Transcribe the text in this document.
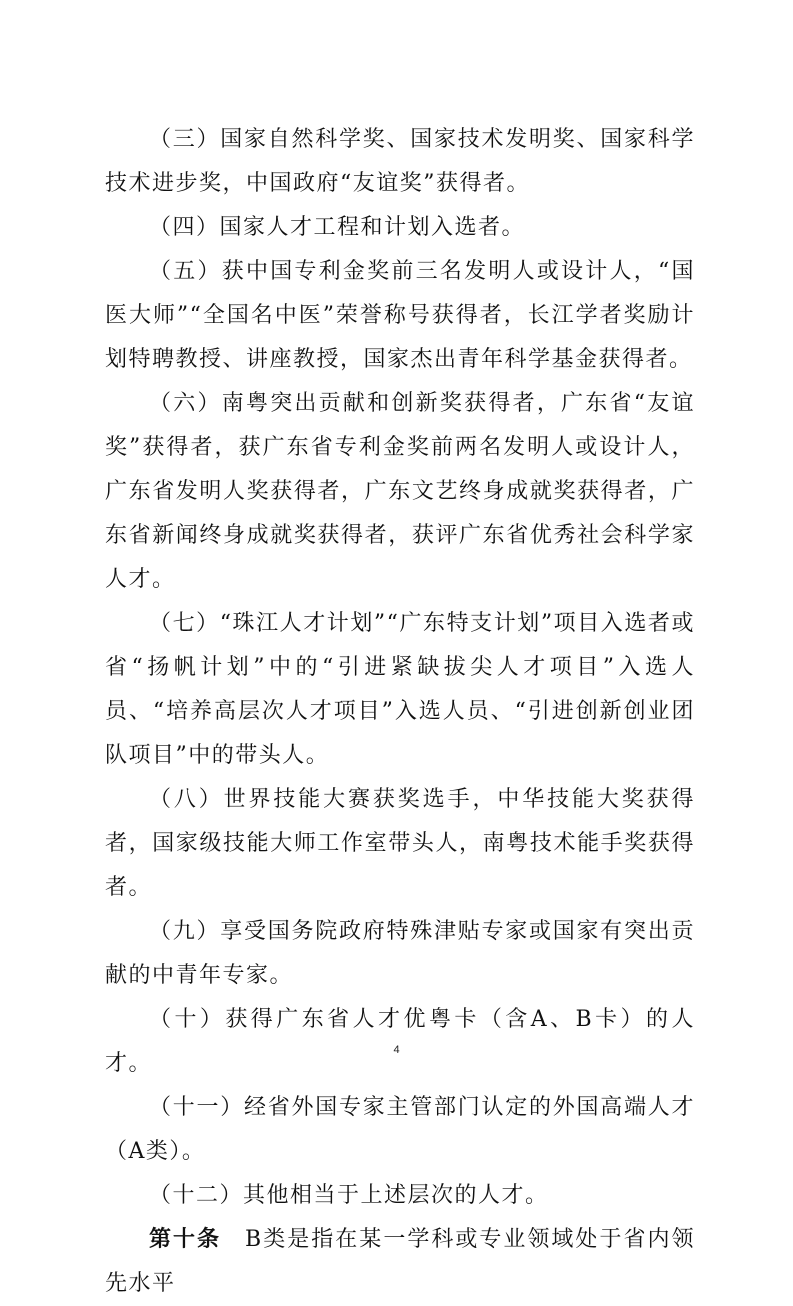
（三）国家自然科学奖、国家技术发明奖、国家科学技术进步奖，中国政府“友谊奖”获得者。

（四）国家人才工程和计划入选者。

（五）获中国专利金奖前三名发明人或设计人，“国医大师”“全国名中医”荣誉称号获得者，长江学者奖励计划特聘教授、讲座教授，国家杰出青年科学基金获得者。

（六）南粤突出贡献和创新奖获得者，广东省“友谊奖”获得者，获广东省专利金奖前两名发明人或设计人，广东省发明人奖获得者，广东文艺终身成就奖获得者，广东省新闻终身成就奖获得者，获评广东省优秀社会科学家人才。

（七）“珠江人才计划”“广东特支计划”项目入选者或省“扬帆计划”中的“引进紧缺拔尖人才项目”入选人员、“培养高层次人才项目”入选人员、“引进创新创业团队项目”中的带头人。

（八）世界技能大赛获奖选手，中华技能大奖获得者，国家级技能大师工作室带头人，南粤技术能手奖获得者。

（九）享受国务院政府特殊津贴专家或国家有突出贡献的中青年专家。

（十）获得广东省人才优粤卡（含A、B卡）的人才。

（十一）经省外国专家主管部门认定的外国高端人才（A类）。

（十二）其他相当于上述层次的人才。

第十条　B类是指在某一学科或专业领域处于省内领先水平

4
